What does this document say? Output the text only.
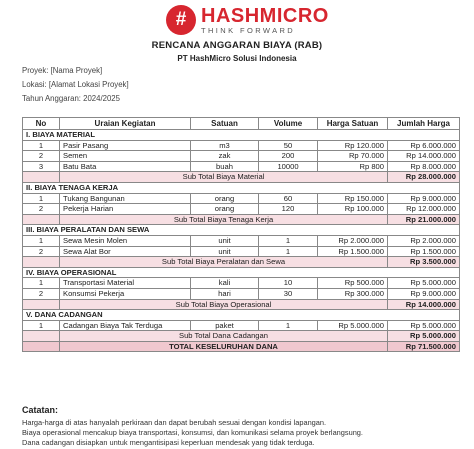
# HASHMICRO
THINK FORWARD
RENCANA ANGGARAN BIAYA (RAB)
PT HashMicro Solusi Indonesia
Proyek: [Nama Proyek]
Lokasi: [Alamat Lokasi Proyek]
Tahun Anggaran: 2024/2025
No	Uraian Kegiatan	Satuan	Volume	Harga Satuan	Jumlah Harga
I. BIAYA MATERIAL					
1	Pasir Pasang	m3	50	Rp 120.000	Rp 6.000.000
2	Semen	zak	200	Rp 70.000	Rp 14.000.000
3	Batu Bata	buah	10000	Rp 800	Rp 8.000.000
	Sub Total Biaya Material				Rp 28.000.000
II. BIAYA TENAGA KERJA					
1	Tukang Bangunan	orang	60	Rp 150.000	Rp 9.000.000
2	Pekerja Harian	orang	120	Rp 100.000	Rp 12.000.000
	Sub Total Biaya Tenaga Kerja				Rp 21.000.000
III. BIAYA PERALATAN DAN SEWA					
1	Sewa Mesin Molen	unit	1	Rp 2.000.000	Rp 2.000.000
2	Sewa Alat Bor	unit	1	Rp 1.500.000	Rp 1.500.000
	Sub Total Biaya Peralatan dan Sewa				Rp 3.500.000
IV. BIAYA OPERASIONAL					
1	Transportasi Material	kali	10	Rp 500.000	Rp 5.000.000
2	Konsumsi Pekerja	hari	30	Rp 300.000	Rp 9.000.000
	Sub Total Biaya Operasional				Rp 14.000.000
V. DANA CADANGAN					
1	Cadangan Biaya Tak Terduga	paket	1	Rp 5.000.000	Rp 5.000.000
	Sub Total Dana Cadangan				Rp 5.000.000
	TOTAL KESELURUHAN DANA				Rp 71.500.000
Catatan:
Harga-harga di atas hanyalah perkiraan dan dapat berubah sesuai dengan kondisi lapangan.
Biaya operasional mencakup biaya transportasi, konsumsi, dan komunikasi selama proyek berlangsung.
Dana cadangan disiapkan untuk mengantisipasi keperluan mendesak yang tidak terduga.
